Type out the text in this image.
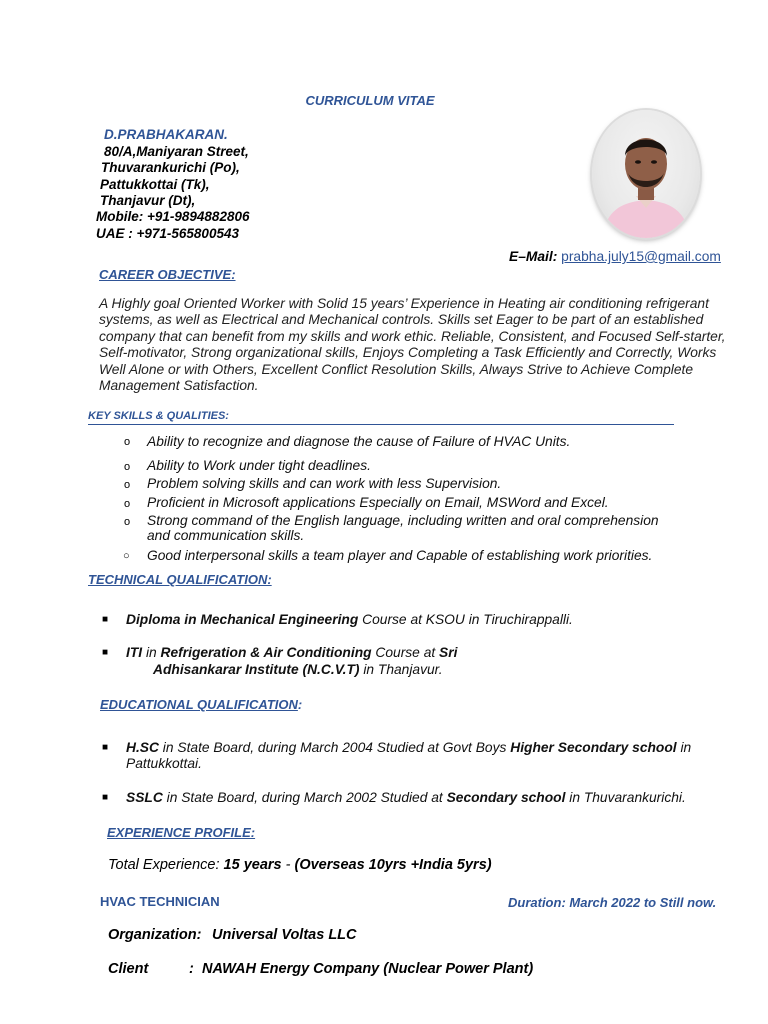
CURRICULUM VITAE
D.PRABHAKARAN.
80/A,Maniyaran Street,
Thuvarankurichi (Po),
Pattukkottai (Tk),
Thanjavur (Dt),
Mobile: +91-9894882806
UAE : +971-565800543
E–Mail: prabha.july15@gmail.com
CAREER OBJECTIVE:
A Highly goal Oriented Worker with Solid 15 years’ Experience in Heating air conditioning refrigerant systems, as well as Electrical and Mechanical controls. Skills set Eager to be part of an established company that can benefit from my skills and work ethic. Reliable, Consistent, and Focused Self-starter, Self-motivator, Strong organizational skills, Enjoys Completing a Task Efficiently and Correctly, Works Well Alone or with Others, Excellent Conflict Resolution Skills, Always Strive to Achieve Complete Management Satisfaction.
KEY SKILLS & QUALITIES:
o Ability to recognize and diagnose the cause of Failure of HVAC Units.
o Ability to Work under tight deadlines.
o Problem solving skills and can work with less Supervision.
o Proficient in Microsoft applications Especially on Email, MSWord and Excel.
o Strong command of the English language, including written and oral comprehension
and communication skills.
○ Good interpersonal skills a team player and Capable of establishing work priorities.
TECHNICAL QUALIFICATION:
■ Diploma in Mechanical Engineering Course at KSOU in Tiruchirappalli.
■ ITI in Refrigeration & Air Conditioning Course at Sri
Adhisankarar Institute (N.C.V.T) in Thanjavur.
EDUCATIONAL QUALIFICATION:
■ H.SC in State Board, during March 2004 Studied at Govt Boys Higher Secondary school in
Pattukkottai.
■ SSLC in State Board, during March 2002 Studied at Secondary school in Thuvarankurichi.
EXPERIENCE PROFILE:
Total Experience: 15 years - (Overseas 10yrs +India 5yrs)
HVAC TECHNICIAN	Duration: March 2022 to Still now.
Organization: Universal Voltas LLC
Client	: NAWAH Energy Company (Nuclear Power Plant)
